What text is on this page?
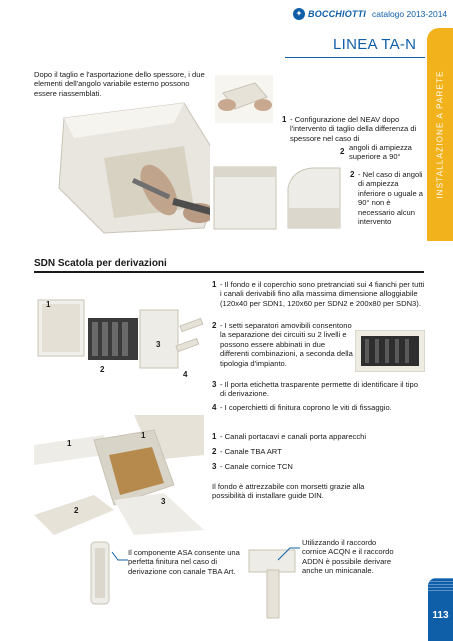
✦ BOCCHIOTTI catalogo 2013-2014
LINEA TA-N
INSTALLAZIONE A PARETE
Dopo il taglio e l'asportazione dello spessore, i due elementi dell'angolo variabile esterno possono essere riassemblati.
1 - Configurazione del NEAV dopo l'intervento di taglio della differenza di spessore nel caso di
angoli di ampiezza superiore a 90°
2
2 - Nel caso di angoli di ampiezza inferiore o uguale a 90° non è necessario alcun intervento
SDN Scatola per derivazioni
1
2
3
4
1 - Il fondo e il coperchio sono pretranciati sui 4 fianchi per tutti i canali derivabili fino alla massima dimensione alloggiabile (120x40 per SDN1, 120x60 per SDN2 e 200x80 per SDN3).
2 - I setti separatori amovibili consentono la separazione dei circuiti su 2 livelli e possono essere abbinati in due differenti combinazioni, a seconda della tipologia d'impianto.
3 - Il porta etichetta trasparente permette di identificare il tipo di derivazione.
4 - I coperchietti di finitura coprono le viti di fissaggio.
1
1
2
3
1 - Canali portacavi e canali porta apparecchi
2 - Canale TBA ART
3 - Canale cornice TCN
Il fondo è attrezzabile con morsetti grazie alla possibilità di installare guide DIN.
Il componente ASA consente una perfetta finitura nel caso di derivazione con canale TBA Art.
Utilizzando il raccordo cornice ACQN e il raccordo ADDN è possibile derivare anche un minicanale.
113
